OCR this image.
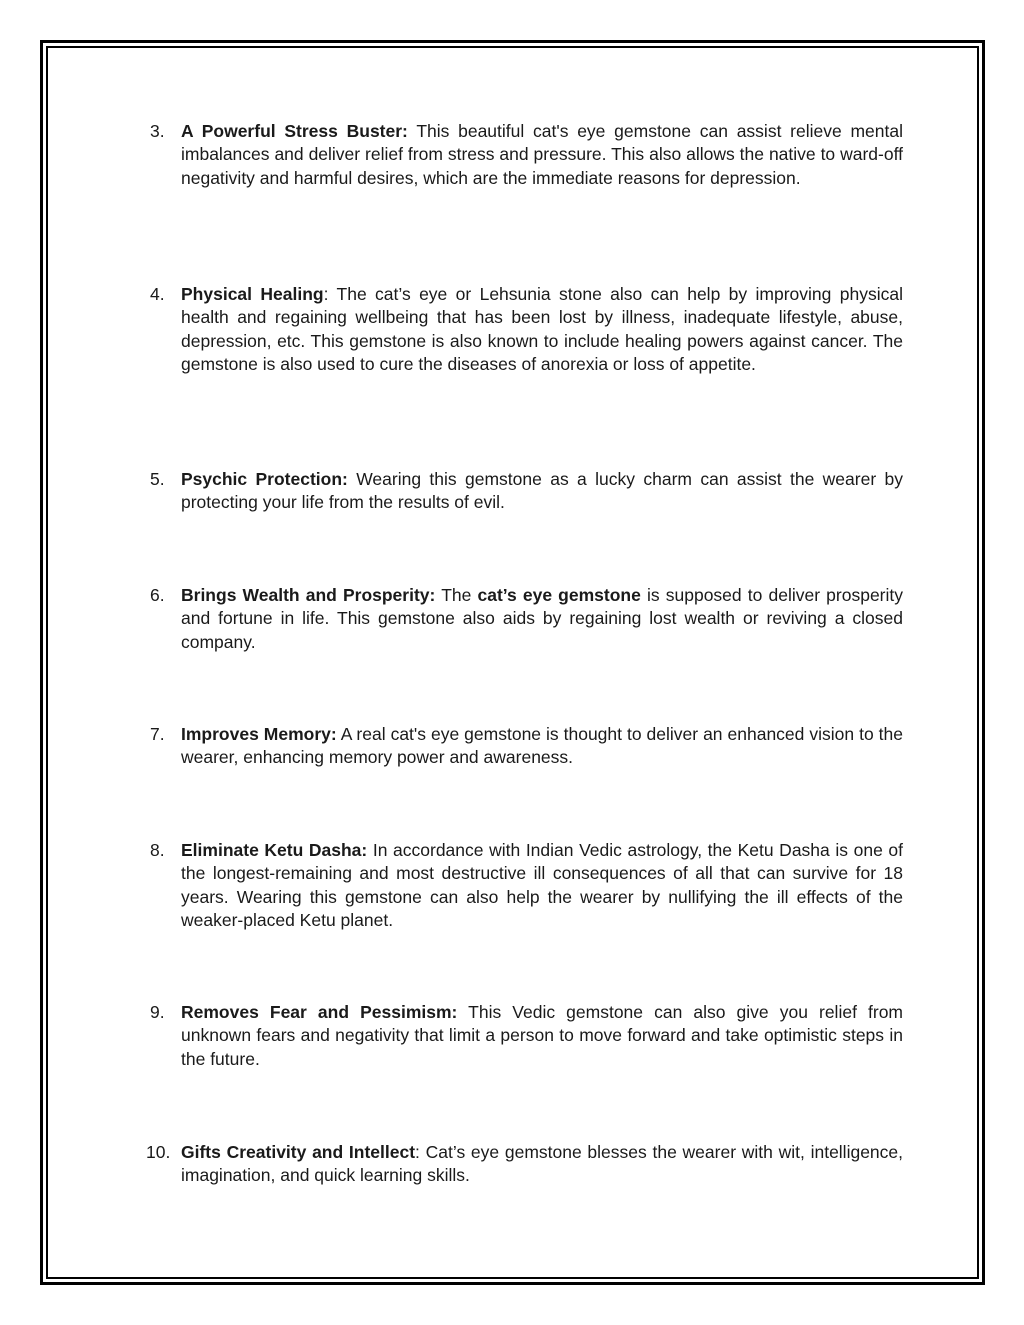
3. A Powerful Stress Buster: This beautiful cat's eye gemstone can assist relieve mental imbalances and deliver relief from stress and pressure. This also allows the native to ward-off negativity and harmful desires, which are the immediate reasons for depression.
4. Physical Healing: The cat’s eye or Lehsunia stone also can help by improving physical health and regaining wellbeing that has been lost by illness, inadequate lifestyle, abuse, depression, etc. This gemstone is also known to include healing powers against cancer. The gemstone is also used to cure the diseases of anorexia or loss of appetite.
5. Psychic Protection: Wearing this gemstone as a lucky charm can assist the wearer by protecting your life from the results of evil.
6. Brings Wealth and Prosperity: The cat’s eye gemstone is supposed to deliver prosperity and fortune in life. This gemstone also aids by regaining lost wealth or reviving a closed company.
7. Improves Memory: A real cat's eye gemstone is thought to deliver an enhanced vision to the wearer, enhancing memory power and awareness.
8. Eliminate Ketu Dasha: In accordance with Indian Vedic astrology, the Ketu Dasha is one of the longest-remaining and most destructive ill consequences of all that can survive for 18 years. Wearing this gemstone can also help the wearer by nullifying the ill effects of the weaker-placed Ketu planet.
9. Removes Fear and Pessimism: This Vedic gemstone can also give you relief from unknown fears and negativity that limit a person to move forward and take optimistic steps in the future.
10. Gifts Creativity and Intellect: Cat’s eye gemstone blesses the wearer with wit, intelligence, imagination, and quick learning skills.
